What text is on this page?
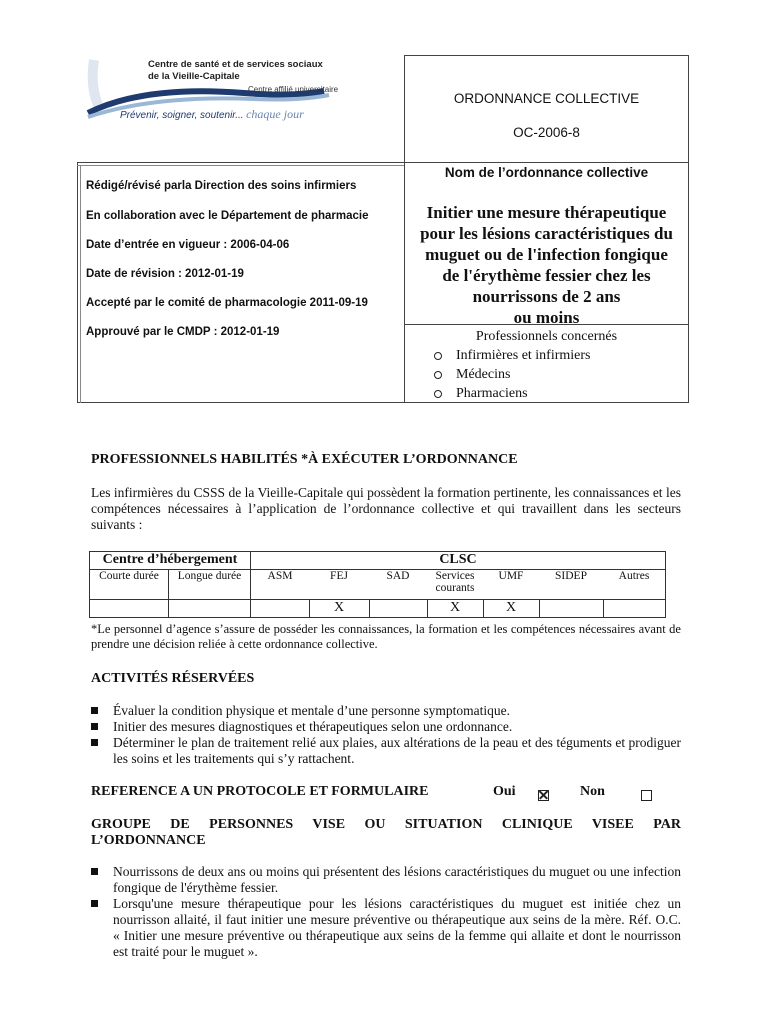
Centre de santé et de services sociaux
de la Vieille-Capitale
Centre affilié universitaire
Prévenir, soigner, soutenir... chaque jour
ORDONNANCE COLLECTIVE
OC-2006-8
Nom de l’ordonnance collective
Initier une mesure thérapeutique
pour les lésions caractéristiques du
muguet ou de l'infection fongique
de l'érythème fessier chez les
nourrissons de 2 ans
ou moins
Professionnels concernés
Infirmières et infirmiers
Médecins
Pharmaciens
Rédigé/révisé parla Direction des soins infirmiers
En collaboration avec le Département de pharmacie
Date d’entrée en vigueur : 2006-04-06
Date de révision : 2012-01-19
Accepté par le comité de pharmacologie 2011-09-19
Approuvé par le CMDP : 2012-01-19
PROFESSIONNELS HABILITÉS *À EXÉCUTER L’ORDONNANCE
Les infirmières du CSSS de la Vieille-Capitale qui possèdent la formation pertinente, les connaissances et les compétences nécessaires à l’application de l’ordonnance collective et qui travaillent dans les secteurs suivants :
Centre d’hébergement		CLSC						
Courte durée	Longue durée	ASM	FEJ	SAD	Services courants	UMF	SIDEP	Autres
			X		X	X		
*Le personnel d’agence s’assure de posséder les connaissances, la formation et les compétences nécessaires avant de prendre une décision reliée à cette ordonnance collective.
ACTIVITÉS RÉSERVÉES
Évaluer la condition physique et mentale d’une personne symptomatique.
Initier des mesures diagnostiques et thérapeutiques selon une ordonnance.
Déterminer le plan de traitement relié aux plaies, aux altérations de la peau et des téguments et prodiguer les soins et les traitements qui s’y rattachent.
REFERENCE A UN PROTOCOLE ET FORMULAIRE	Oui
	Non
GROUPE DE PERSONNES VISE OU SITUATION CLINIQUE VISEE PAR L’ORDONNANCE
Nourrissons de deux ans ou moins qui présentent des lésions caractéristiques du muguet ou une infection fongique de l'érythème fessier.
Lorsqu'une mesure thérapeutique pour les lésions caractéristiques du muguet est initiée chez un nourrisson allaité, il faut initier une mesure préventive ou thérapeutique aux seins de la mère. Réf. O.C. « Initier une mesure préventive ou thérapeutique aux seins de la femme qui allaite et dont le nourrisson est traité pour le muguet ».
